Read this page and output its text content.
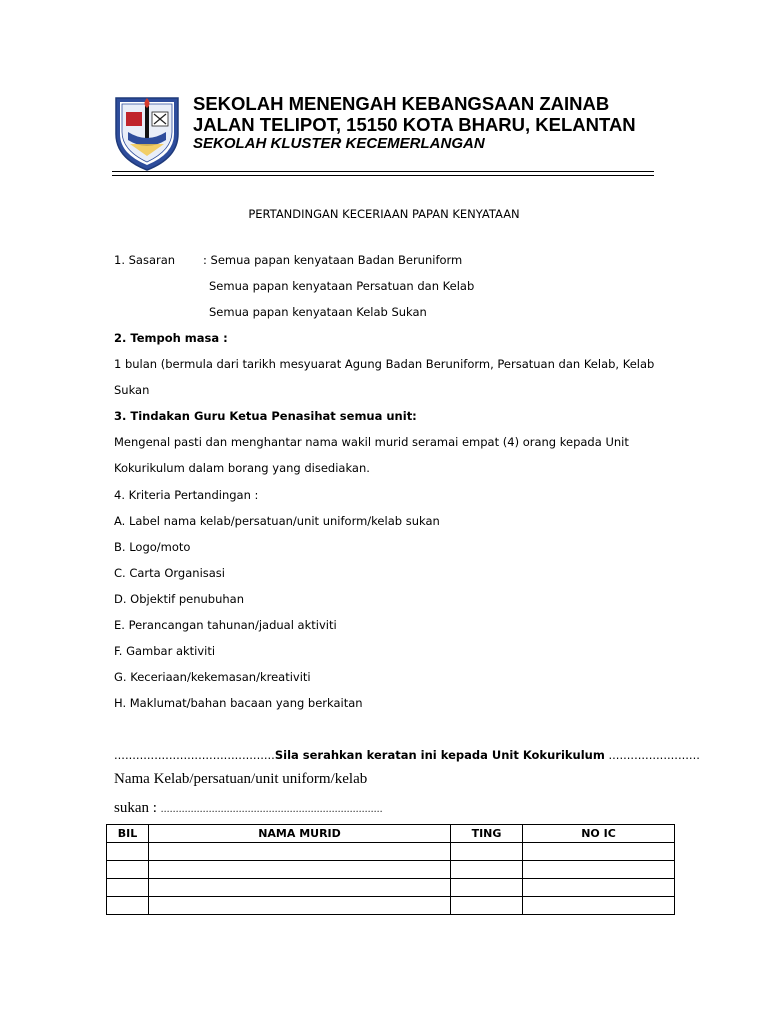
SEKOLAH MENENGAH KEBANGSAAN ZAINAB
JALAN TELIPOT, 15150 KOTA BHARU, KELANTAN
SEKOLAH KLUSTER KECEMERLANGAN
PERTANDINGAN KECERIAAN PAPAN KENYATAAN
1. Sasaran : Semua papan kenyataan Badan Beruniform
Semua papan kenyataan Persatuan dan Kelab
Semua papan kenyataan Kelab Sukan
2. Tempoh masa :
1 bulan (bermula dari tarikh mesyuarat Agung Badan Beruniform, Persatuan dan Kelab, Kelab
Sukan
3. Tindakan Guru Ketua Penasihat semua unit:
Mengenal pasti dan menghantar nama wakil murid seramai empat (4) orang kepada Unit
Kokurikulum dalam borang yang disediakan.
4. Kriteria Pertandingan :
A. Label nama kelab/persatuan/unit uniform/kelab sukan
B. Logo/moto
C. Carta Organisasi
D. Objektif penubuhan
E. Perancangan tahunan/jadual aktiviti
F. Gambar aktiviti
G. Keceriaan/kekemasan/kreativiti
H. Maklumat/bahan bacaan yang berkaitan
............................................Sila serahkan keratan ini kepada Unit Kokurikulum .........................
Nama Kelab/persatuan/unit uniform/kelab
sukan : ..........................................................................
BIL	NAMA MURID	TING	NO IC
